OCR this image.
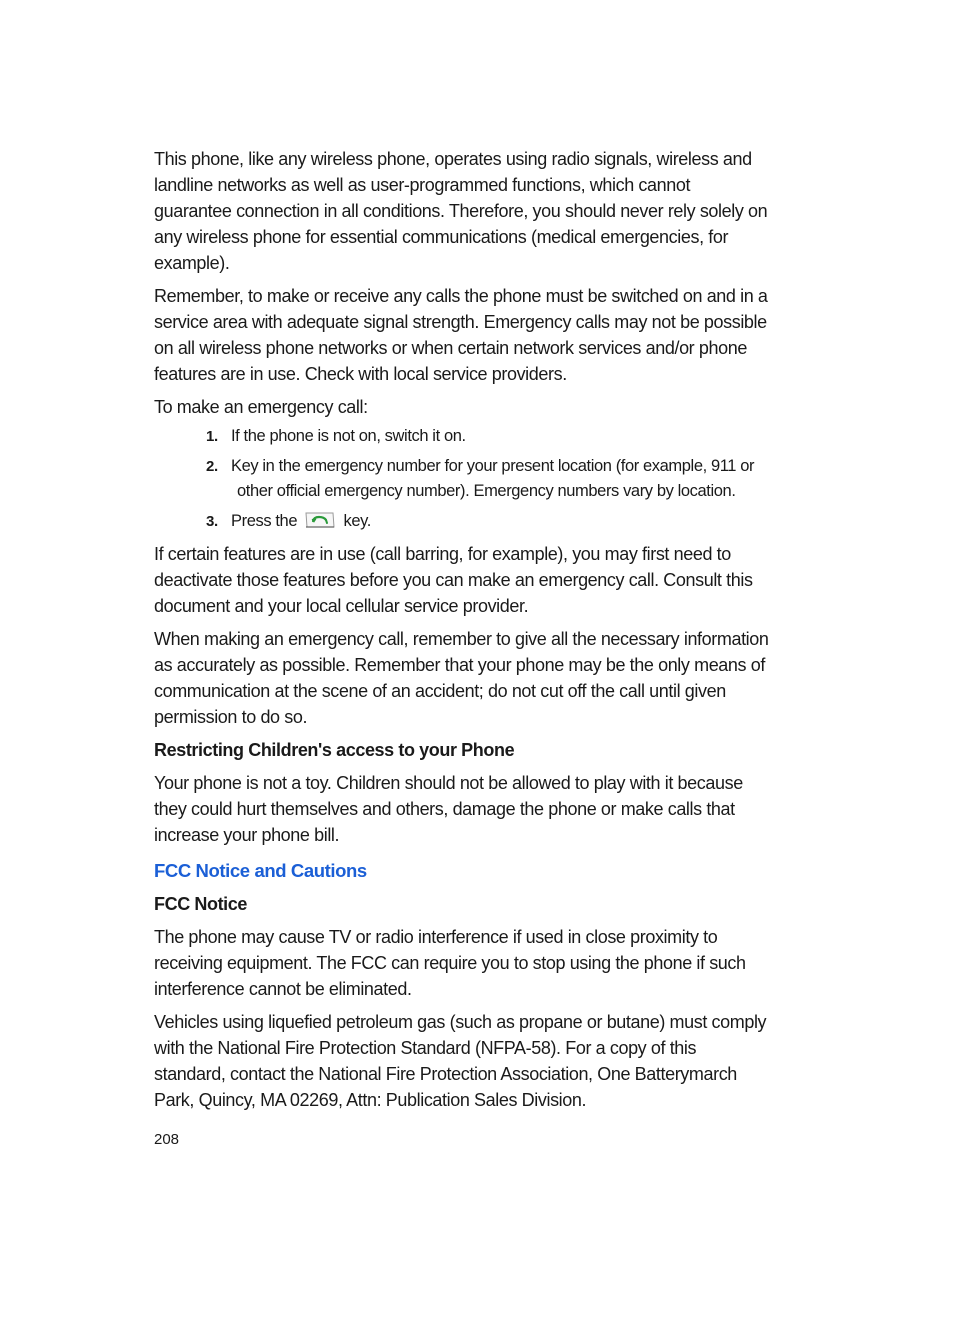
This phone, like any wireless phone, operates using radio signals, wireless and landline networks as well as user-programmed functions, which cannot guarantee connection in all conditions. Therefore, you should never rely solely on any wireless phone for essential communications (medical emergencies, for example).

Remember, to make or receive any calls the phone must be switched on and in a service area with adequate signal strength. Emergency calls may not be possible on all wireless phone networks or when certain network services and/or phone features are in use. Check with local service providers.

To make an emergency call:

1. If the phone is not on, switch it on.
2. Key in the emergency number for your present location (for example, 911 or
other official emergency number). Emergency numbers vary by location.
3. Press the	key.

If certain features are in use (call barring, for example), you may first need to deactivate those features before you can make an emergency call. Consult this document and your local cellular service provider.

When making an emergency call, remember to give all the necessary information as accurately as possible. Remember that your phone may be the only means of communication at the scene of an accident; do not cut off the call until given permission to do so.

Restricting Children's access to your Phone

Your phone is not a toy. Children should not be allowed to play with it because they could hurt themselves and others, damage the phone or make calls that increase your phone bill.

FCC Notice and Cautions
FCC Notice

The phone may cause TV or radio interference if used in close proximity to receiving equipment. The FCC can require you to stop using the phone if such interference cannot be eliminated.

Vehicles using liquefied petroleum gas (such as propane or butane) must comply with the National Fire Protection Standard (NFPA-58). For a copy of this standard, contact the National Fire Protection Association, One Batterymarch Park, Quincy, MA 02269, Attn: Publication Sales Division.

208
